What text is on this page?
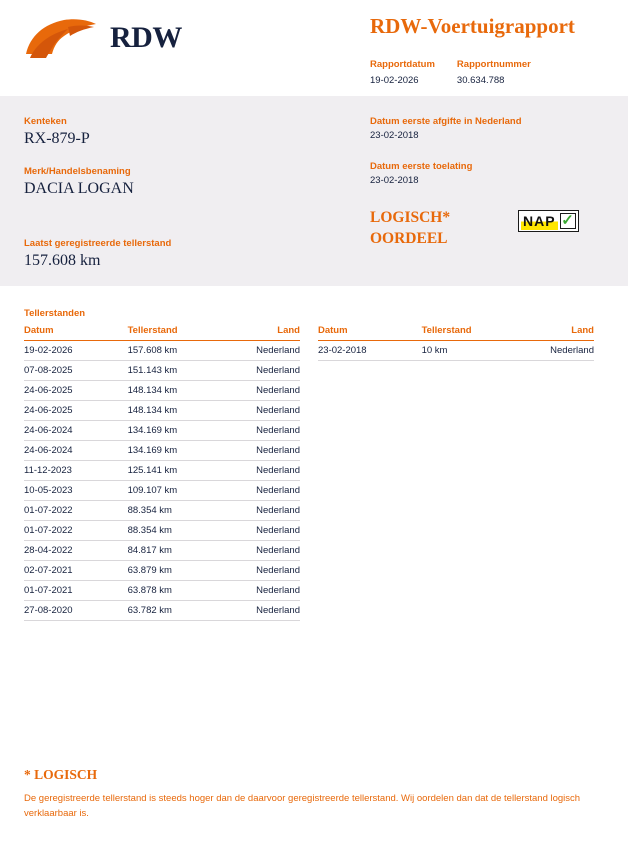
RDW	RDW-Voertuigrapport
Rapportdatum
19-02-2026
Rapportnummer
30.634.788
Kenteken
RX-879-P
Merk/Handelsbenaming
DACIA LOGAN
Laatst geregistreerde tellerstand
157.608 km
Datum eerste afgifte in Nederland
23-02-2018
Datum eerste toelating
23-02-2018
LOGISCH*
OORDEEL
NAP ✓
Tellerstanden
Datum	Tellerstand	Land
19-02-2026	157.608 km	Nederland
07-08-2025	151.143 km	Nederland
24-06-2025	148.134 km	Nederland
24-06-2025	148.134 km	Nederland
24-06-2024	134.169 km	Nederland
24-06-2024	134.169 km	Nederland
11-12-2023	125.141 km	Nederland
10-05-2023	109.107 km	Nederland
01-07-2022	88.354 km	Nederland
01-07-2022	88.354 km	Nederland
28-04-2022	84.817 km	Nederland
02-07-2021	63.879 km	Nederland
01-07-2021	63.878 km	Nederland
27-08-2020	63.782 km	Nederland
Datum	Tellerstand	Land
23-02-2018	10 km	Nederland
* LOGISCH
De geregistreerde tellerstand is steeds hoger dan de daarvoor geregistreerde tellerstand. Wij oordelen dan dat de tellerstand logisch verklaarbaar is.
